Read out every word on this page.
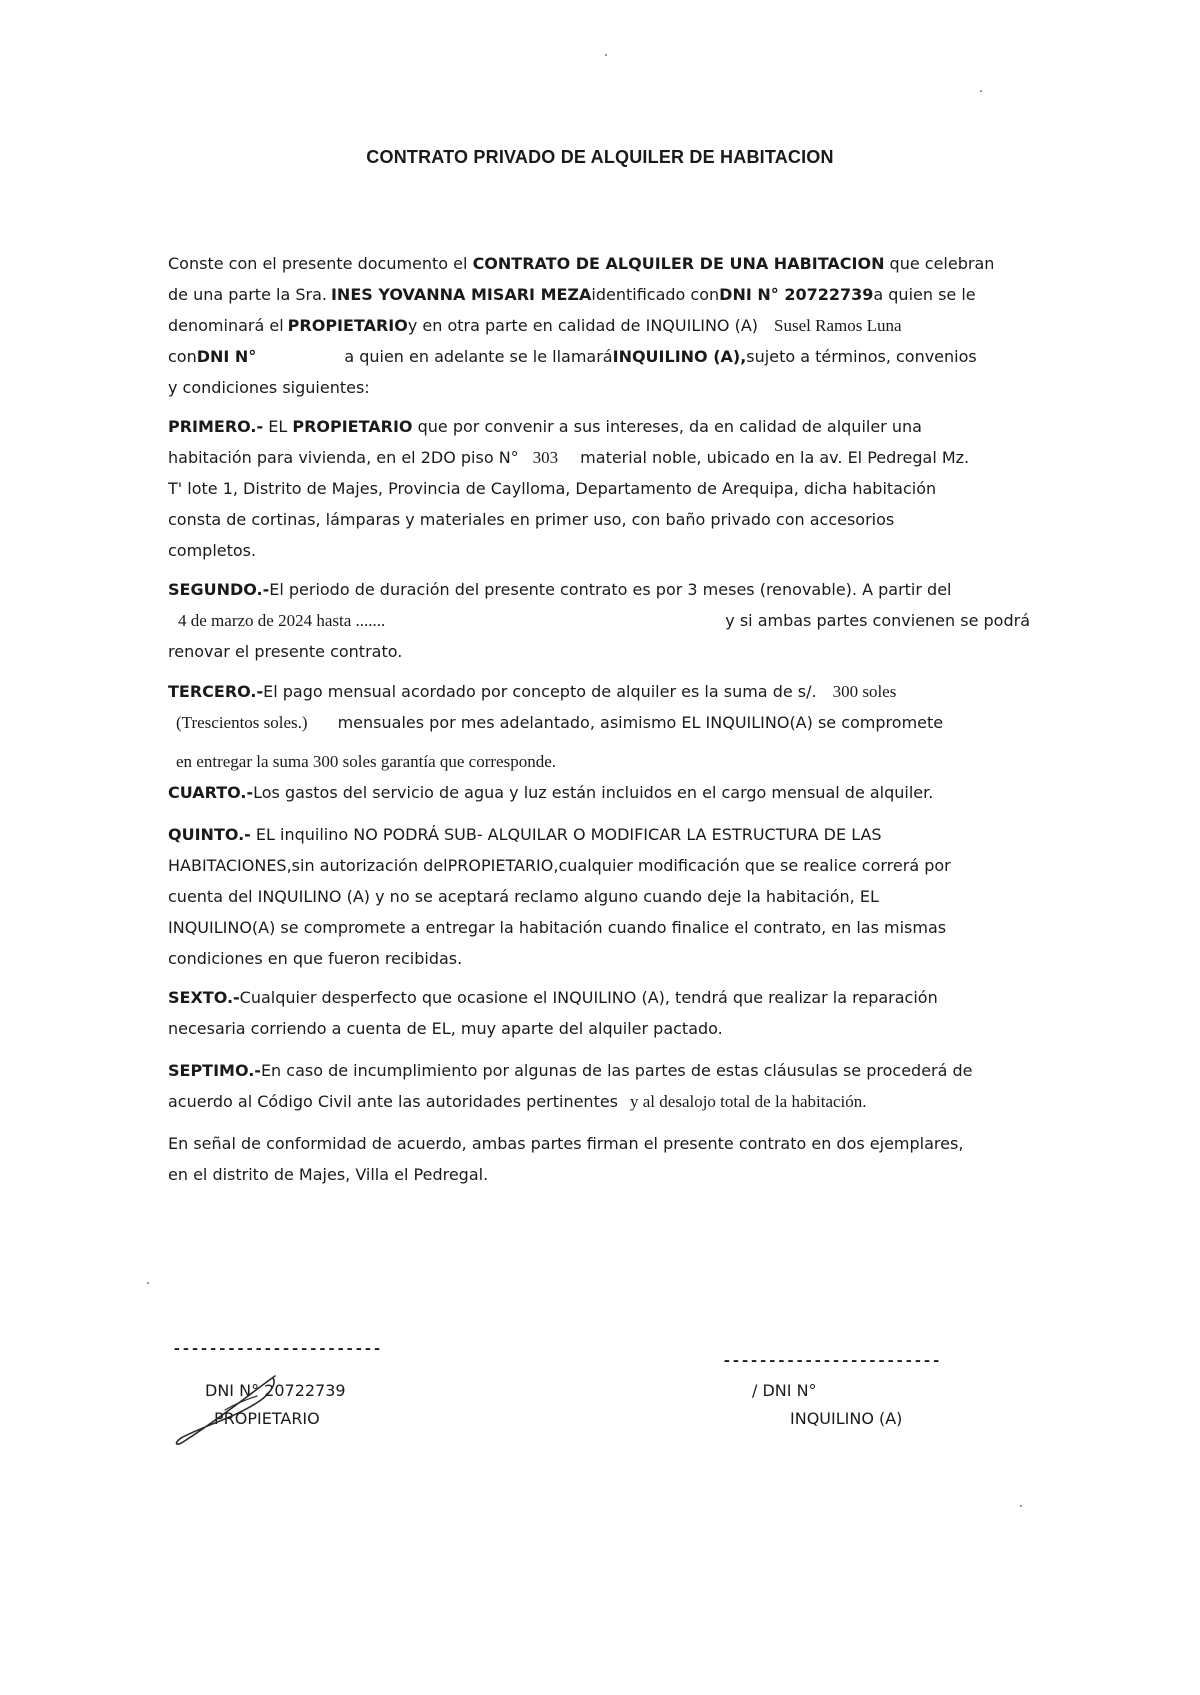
CONTRATO PRIVADO DE ALQUILER DE HABITACION
Conste con el presente documento el CONTRATO DE ALQUILER DE UNA HABITACION que celebran
de una parte la Sra. INES YOVANNA MISARI MEZA identificado con DNI N° 20722739 a quien se le
denominará el PROPIETARIO y en otra parte en calidad de INQUILINO (A) Susel Ramos Luna
con DNI N°	a quien en adelante se le llamará INQUILINO (A), sujeto a términos, convenios
y condiciones siguientes:
PRIMERO.- EL PROPIETARIO que por convenir a sus intereses, da en calidad de alquiler una
habitación para vivienda, en el 2DO piso N° 303 material noble, ubicado en la av. El Pedregal Mz.
T' lote 1, Distrito de Majes, Provincia de Caylloma, Departamento de Arequipa, dicha habitación
consta de cortinas, lámparas y materiales en primer uso, con baño privado con accesorios
completos.
SEGUNDO.- El periodo de duración del presente contrato es por 3 meses (renovable). A partir del
4 de marzo de 2024 hasta .......	y si ambas partes convienen se podrá
renovar el presente contrato.
TERCERO.- El pago mensual acordado por concepto de alquiler es la suma de s/. 300 soles
(Trescientos soles.) mensuales por mes adelantado, asimismo EL INQUILINO(A) se compromete
en entregar la suma 300 soles garantía que corresponde.
CUARTO.- Los gastos del servicio de agua y luz están incluidos en el cargo mensual de alquiler.
QUINTO.- EL inquilino NO PODRÁ SUB- ALQUILAR O MODIFICAR LA ESTRUCTURA DE LAS
HABITACIONES, sin autorización del PROPIETARIO, cualquier modificación que se realice correrá por
cuenta del INQUILINO (A) y no se aceptará reclamo alguno cuando deje la habitación, EL
INQUILINO(A) se compromete a entregar la habitación cuando finalice el contrato, en las mismas
condiciones en que fueron recibidas.
SEXTO.- Cualquier desperfecto que ocasione el INQUILINO (A), tendrá que realizar la reparación
necesaria corriendo a cuenta de EL, muy aparte del alquiler pactado.
SEPTIMO.- En caso de incumplimiento por algunas de las partes de estas cláusulas se procederá de
acuerdo al Código Civil ante las autoridades pertinentes y al desalojo total de la habitación.
En señal de conformidad de acuerdo, ambas partes firman el presente contrato en dos ejemplares,
en el distrito de Majes, Villa el Pedregal.
-----------------------
------------------------
DNI N° 20722739
PROPIETARIO
/ DNI N°
INQUILINO (A)
